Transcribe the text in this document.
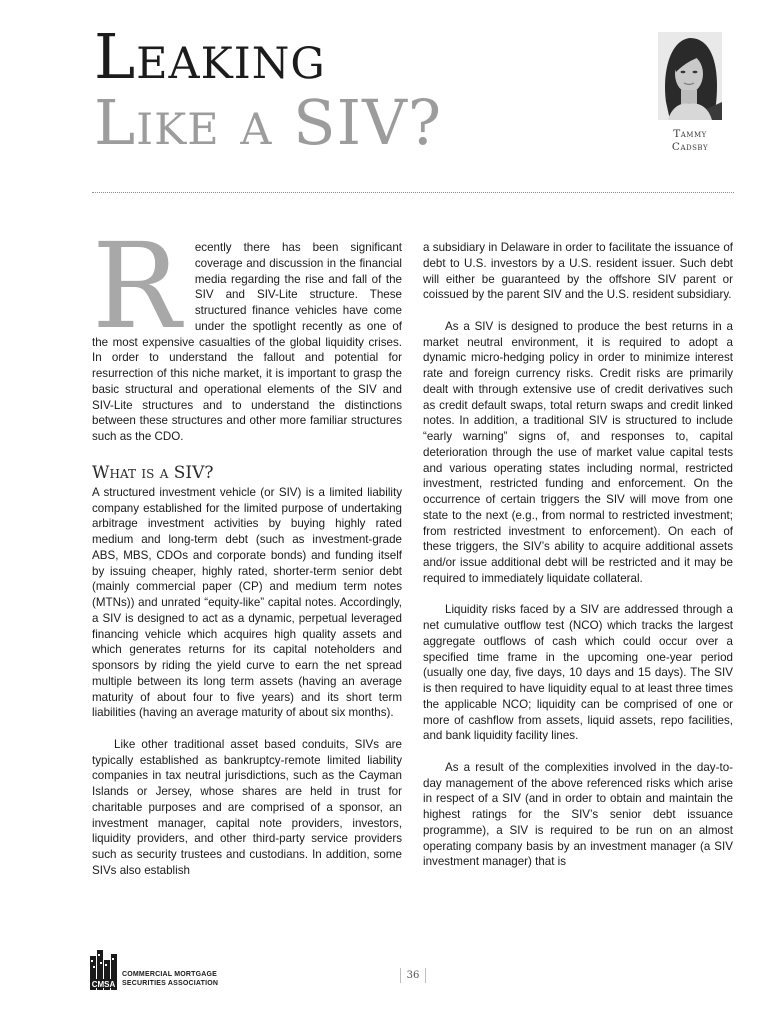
Leaking
Like a SIV?	Tammy
Cadsby

R ecently there has been significant coverage and discussion in the financial media regarding the rise and fall of the SIV and SIV-Lite structure. These structured finance vehicles have come under the spotlight recently as one of the most expensive casualties of the global liquidity crises. In order to understand the fallout and potential for resurrection of this niche market, it is important to grasp the basic structural and operational elements of the SIV and SIV-Lite structures and to understand the distinctions between these structures and other more familiar structures such as the CDO.

What is a SIV?

A structured investment vehicle (or SIV) is a limited liability company established for the limited purpose of undertaking arbitrage investment activities by buying highly rated medium and long-term debt (such as investment-grade ABS, MBS, CDOs and corporate bonds) and funding itself by issuing cheaper, highly rated, shorter-term senior debt (mainly commercial paper (CP) and medium term notes (MTNs)) and unrated “equity-like” capital notes. Accordingly, a SIV is designed to act as a dynamic, perpetual leveraged financing vehicle which acquires high quality assets and which generates returns for its capital noteholders and sponsors by riding the yield curve to earn the net spread multiple between its long term assets (having an average maturity of about four to five years) and its short term liabilities (having an average maturity of about six months).

Like other traditional asset based conduits, SIVs are typically established as bankruptcy-remote limited liability companies in tax neutral jurisdictions, such as the Cayman Islands or Jersey, whose shares are held in trust for charitable purposes and are comprised of a sponsor, an investment manager, capital note providers, investors, liquidity providers, and other third-party service providers such as security trustees and custodians. In addition, some SIVs also establish

a subsidiary in Delaware in order to facilitate the issuance of debt to U.S. investors by a U.S. resident issuer. Such debt will either be guaranteed by the offshore SIV parent or coissued by the parent SIV and the U.S. resident subsidiary.

As a SIV is designed to produce the best returns in a market neutral environment, it is required to adopt a dynamic micro-hedging policy in order to minimize interest rate and foreign currency risks. Credit risks are primarily dealt with through extensive use of credit derivatives such as credit default swaps, total return swaps and credit linked notes. In addition, a traditional SIV is structured to include “early warning” signs of, and responses to, capital deterioration through the use of market value capital tests and various operating states including normal, restricted investment, restricted funding and enforcement. On the occurrence of certain triggers the SIV will move from one state to the next (e.g., from normal to restricted investment; from restricted investment to enforcement). On each of these triggers, the SIV’s ability to acquire additional assets and/or issue additional debt will be restricted and it may be required to immediately liquidate collateral.

Liquidity risks faced by a SIV are addressed through a net cumulative outflow test (NCO) which tracks the largest aggregate outflows of cash which could occur over a specified time frame in the upcoming one-year period (usually one day, five days, 10 days and 15 days). The SIV is then required to have liquidity equal to at least three times the applicable NCO; liquidity can be comprised of one or more of cashflow from assets, liquid assets, repo facilities, and bank liquidity facility lines.

As a result of the complexities involved in the day-to-day management of the above referenced risks which arise in respect of a SIV (and in order to obtain and maintain the highest ratings for the SIV’s senior debt issuance programme), a SIV is required to be run on an almost operating company basis by an investment manager (a SIV investment manager) that is

CMSA
COMMERCIAL MORTGAGE
SECURITIES ASSOCIATION
36
